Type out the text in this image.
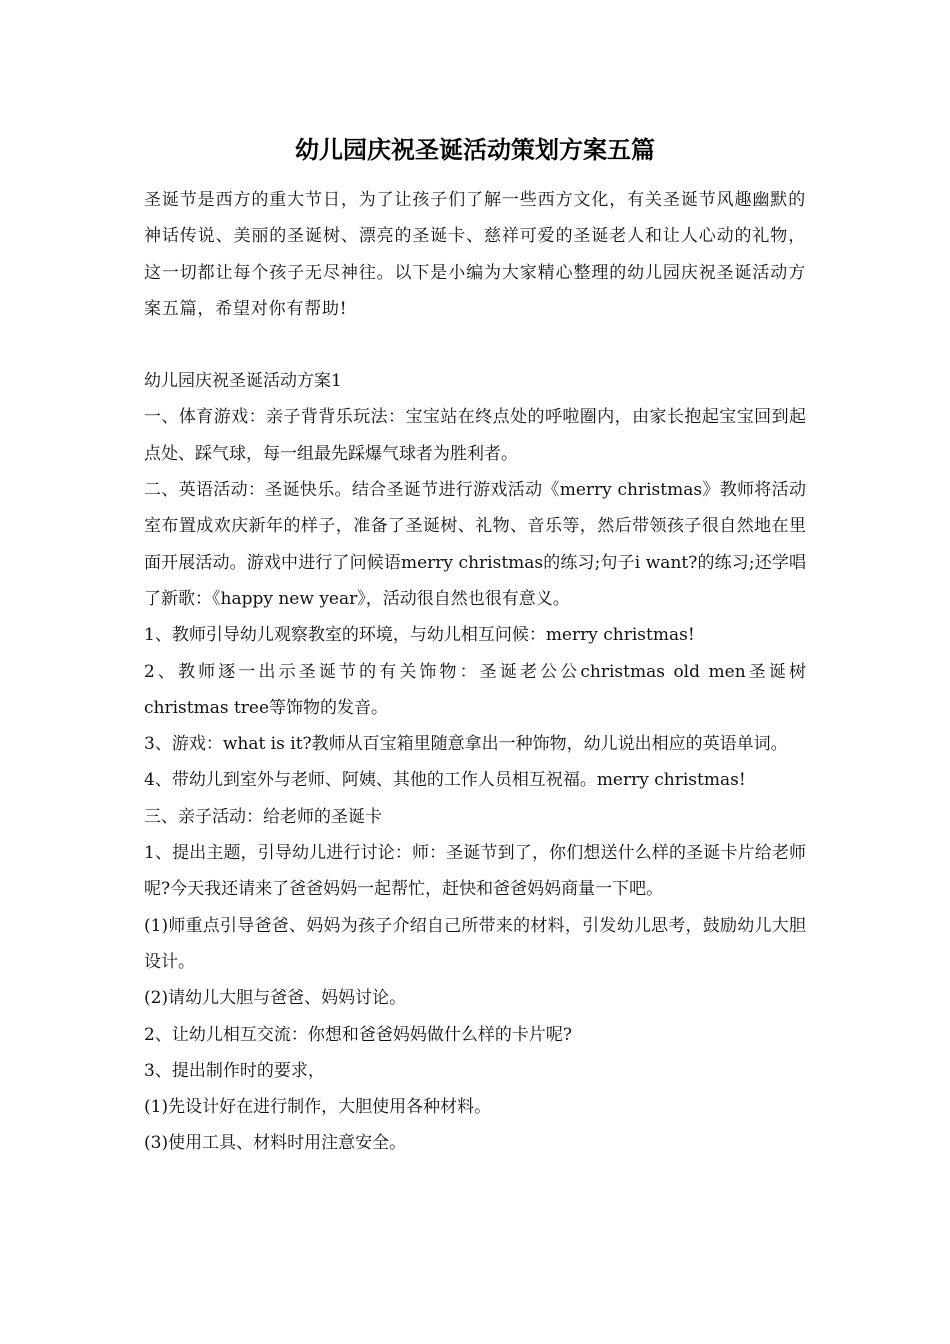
幼儿园庆祝圣诞活动策划方案五篇

圣诞节是西方的重大节日，为了让孩子们了解一些西方文化，有关圣诞节风趣幽默的神话传说、美丽的圣诞树、漂亮的圣诞卡、慈祥可爱的圣诞老人和让人心动的礼物，这一切都让每个孩子无尽神往。以下是小编为大家精心整理的幼儿园庆祝圣诞活动方案五篇，希望对你有帮助!

幼儿园庆祝圣诞活动方案1

一、体育游戏：亲子背背乐玩法：宝宝站在终点处的呼啦圈内，由家长抱起宝宝回到起点处、踩气球，每一组最先踩爆气球者为胜利者。

二、英语活动：圣诞快乐。结合圣诞节进行游戏活动《merry christmas》教师将活动室布置成欢庆新年的样子，准备了圣诞树、礼物、音乐等，然后带领孩子很自然地在里面开展活动。游戏中进行了问候语merry christmas的练习;句子i want?的练习;还学唱了新歌：《happy new year》，活动很自然也很有意义。

1、教师引导幼儿观察教室的环境，与幼儿相互问候：merry christmas!

2、教师逐一出示圣诞节的有关饰物：圣诞老公公christmas old men圣诞树christmas tree等饰物的发音。

3、游戏：what is it?教师从百宝箱里随意拿出一种饰物，幼儿说出相应的英语单词。

4、带幼儿到室外与老师、阿姨、其他的工作人员相互祝福。merry christmas!

三、亲子活动：给老师的圣诞卡

1、提出主题，引导幼儿进行讨论：师：圣诞节到了，你们想送什么样的圣诞卡片给老师呢?今天我还请来了爸爸妈妈一起帮忙，赶快和爸爸妈妈商量一下吧。

(1)师重点引导爸爸、妈妈为孩子介绍自己所带来的材料，引发幼儿思考，鼓励幼儿大胆设计。

(2)请幼儿大胆与爸爸、妈妈讨论。

2、让幼儿相互交流：你想和爸爸妈妈做什么样的卡片呢?

3、提出制作时的要求，

(1)先设计好在进行制作，大胆使用各种材料。

(3)使用工具、材料时用注意安全。
